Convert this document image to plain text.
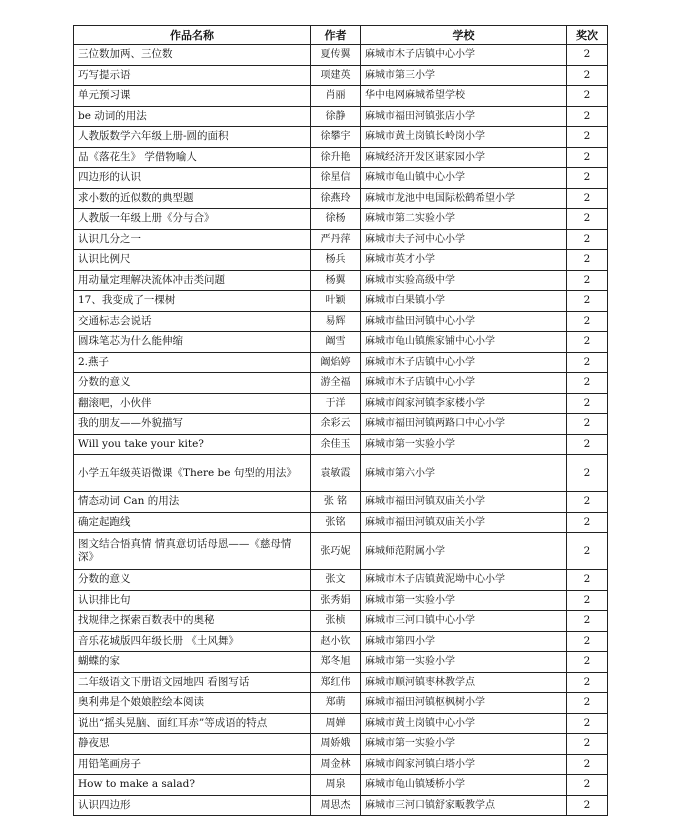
作品名称	作者	学校	奖次
三位数加两、三位数	夏传翼	麻城市木子店镇中心小学	2
巧写提示语	项建英	麻城市第三小学	2
单元预习课	肖丽	华中电网麻城希望学校	2
be 动词的用法	徐静	麻城市福田河镇张店小学	2
人教版数学六年级上册-圆的面积	徐攀宇	麻城市黄土岗镇长岭岗小学	2
品《落花生》 学借物喻人	徐升艳	麻城经济开发区谌家园小学	2
四边形的认识	徐星信	麻城市龟山镇中心小学	2
求小数的近似数的典型题	徐燕玲	麻城市龙池中电国际松鹤希望小学	2
人教版一年级上册《分与合》	徐杨	麻城市第二实验小学	2
认识几分之一	严丹萍	麻城市夫子河中心小学	2
认识比例尺	杨兵	麻城市英才小学	2
用动量定理解决流体冲击类问题	杨翼	麻城市实验高级中学	2
17、我变成了一棵树	叶颖	麻城市白果镇小学	2
交通标志会说话	易辉	麻城市盐田河镇中心小学	2
圆珠笔芯为什么能伸缩	阚雪	麻城市龟山镇熊家铺中心小学	2
2.燕子	阚焰婷	麻城市木子店镇中心小学	2
分数的意义	游全福	麻城市木子店镇中心小学	2
翻滚吧，小伙伴	于洋	麻城市阎家河镇李家楼小学	2
我的朋友——外貌描写	余彩云	麻城市福田河镇两路口中心小学	2
Will you take your kite?	余佳玉	麻城市第一实验小学	2
小学五年级英语微课《There be 句型的用法》	袁敏霞	麻城市第六小学	2
情态动词 Can 的用法	张 铭	麻城市福田河镇双庙关小学	2
确定起跑线	张铭	麻城市福田河镇双庙关小学	2
图文结合悟真情 情真意切话母恩——《慈母情深》	张巧妮	麻城师范附属小学	2
分数的意义	张文	麻城市木子店镇黄泥坳中心小学	2
认识排比句	张秀娟	麻城市第一实验小学	2
找规律之探索百数表中的奥秘	张桢	麻城市三河口镇中心小学	2
音乐花城版四年级长册 《土风舞》	赵小钦	麻城市第四小学	2
蝴蝶的家	郑冬旭	麻城市第一实验小学	2
二年级语文下册语文园地四 看图写话	郑红伟	麻城市顺河镇枣林教学点	2
奥利弗是个娘娘腔绘本阅读	郑萌	麻城市福田河镇枢枫树小学	2
说出“摇头晃脑、面红耳赤”等成语的特点	周婵	麻城市黄土岗镇中心小学	2
静夜思	周娇娥	麻城市第一实验小学	2
用铅笔画房子	周金林	麻城市阎家河镇白塔小学	2
How to make a salad?	周泉	麻城市龟山镇矮桥小学	2
认识四边形	周思杰	麻城市三河口镇舒家畈教学点	2
